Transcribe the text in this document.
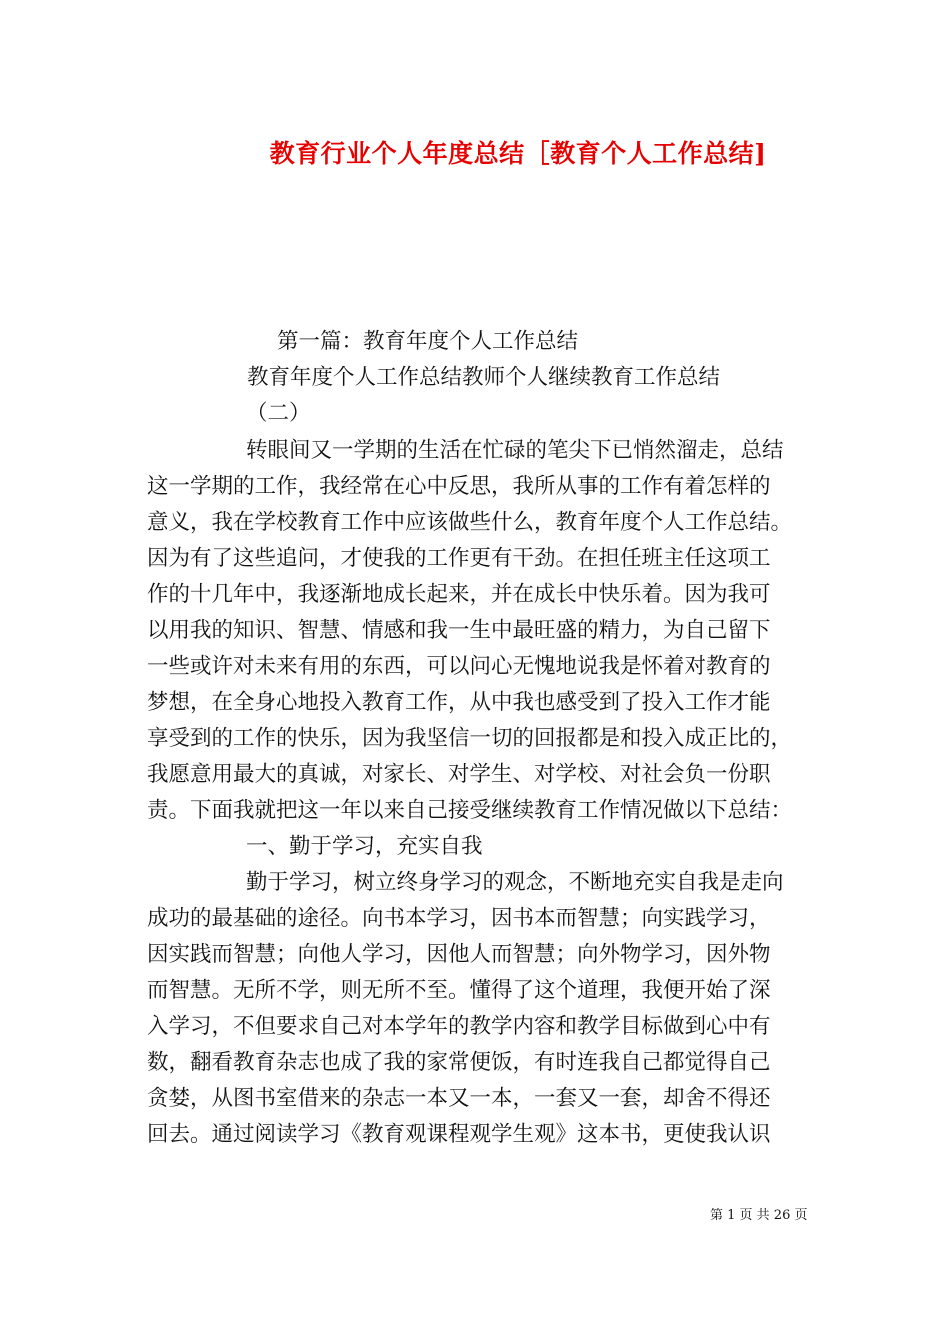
教育行业个人年度总结［教育个人工作总结]
第一篇：教育年度个人工作总结
教育年度个人工作总结教师个人继续教育工作总结
（二）
转眼间又一学期的生活在忙碌的笔尖下已悄然溜走，总结
这一学期的工作，我经常在心中反思，我所从事的工作有着怎样的
意义，我在学校教育工作中应该做些什么，教育年度个人工作总结。
因为有了这些追问，才使我的工作更有干劲。在担任班主任这项工
作的十几年中，我逐渐地成长起来，并在成长中快乐着。因为我可
以用我的知识、智慧、情感和我一生中最旺盛的精力，为自己留下
一些或许对未来有用的东西，可以问心无愧地说我是怀着对教育的
梦想，在全身心地投入教育工作，从中我也感受到了投入工作才能
享受到的工作的快乐，因为我坚信一切的回报都是和投入成正比的，
我愿意用最大的真诚，对家长、对学生、对学校、对社会负一份职
责。下面我就把这一年以来自己接受继续教育工作情况做以下总结：
一、勤于学习，充实自我
勤于学习，树立终身学习的观念，不断地充实自我是走向
成功的最基础的途径。向书本学习，因书本而智慧；向实践学习，
因实践而智慧；向他人学习，因他人而智慧；向外物学习，因外物
而智慧。无所不学，则无所不至。懂得了这个道理，我便开始了深
入学习，不但要求自己对本学年的教学内容和教学目标做到心中有
数，翻看教育杂志也成了我的家常便饭，有时连我自己都觉得自己
贪婪，从图书室借来的杂志一本又一本，一套又一套，却舍不得还
回去。通过阅读学习《教育观课程观学生观》这本书，更使我认识
第 1 页 共 26 页
